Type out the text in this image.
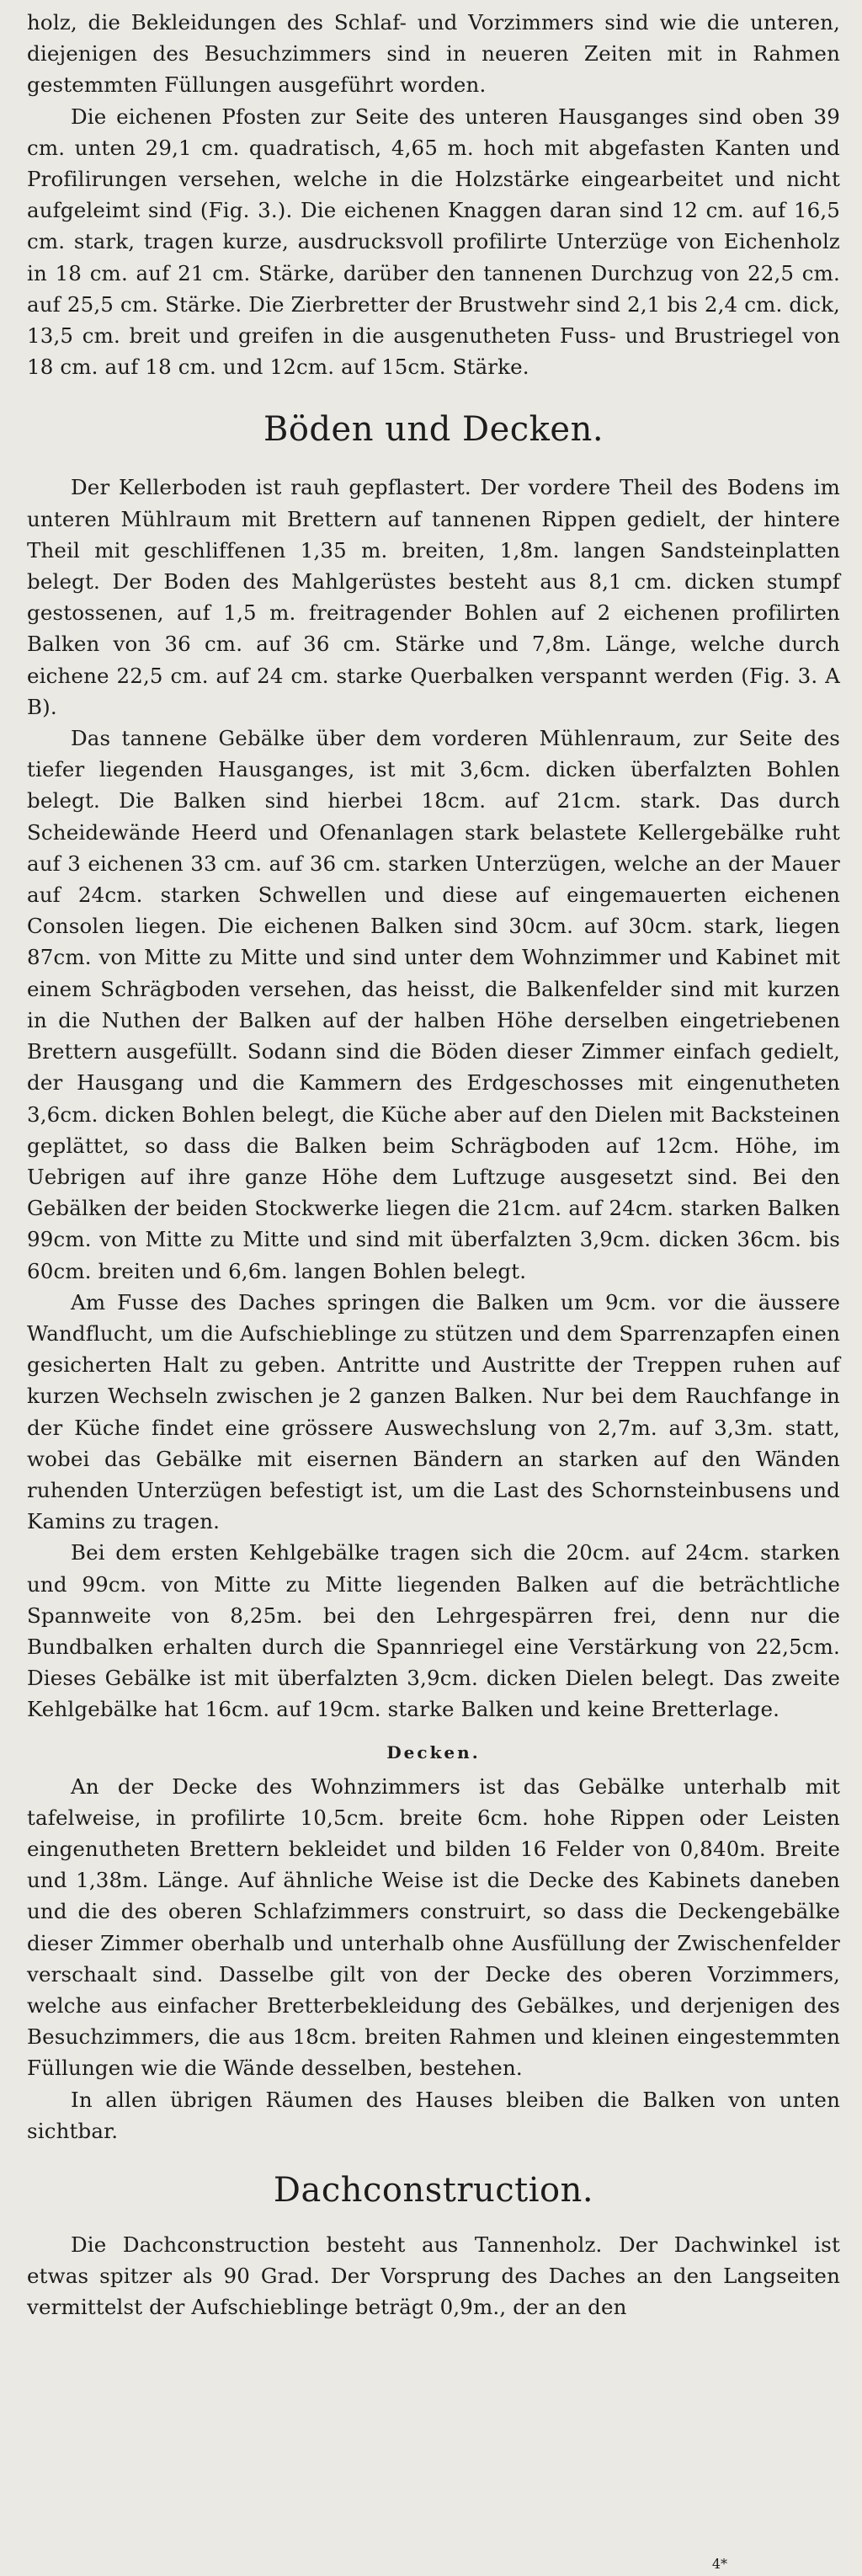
holz, die Bekleidungen des Schlaf- und Vorzimmers sind wie die unteren, diejenigen des Besuchzimmers sind in neueren Zeiten mit in Rahmen gestemmten Füllungen ausgeführt worden.

Die eichenen Pfosten zur Seite des unteren Hausganges sind oben 39 cm. unten 29,1 cm. quadratisch, 4,65 m. hoch mit abgefasten Kanten und Profilirungen versehen, welche in die Holzstärke eingearbeitet und nicht aufgeleimt sind (Fig. 3.). Die eichenen Knaggen daran sind 12 cm. auf 16,5 cm. stark, tragen kurze, ausdrucksvoll profilirte Unterzüge von Eichenholz in 18 cm. auf 21 cm. Stärke, darüber den tannenen Durchzug von 22,5 cm. auf 25,5 cm. Stärke. Die Zierbretter der Brustwehr sind 2,1 bis 2,4 cm. dick, 13,5 cm. breit und greifen in die ausgenutheten Fuss- und Brustriegel von 18 cm. auf 18 cm. und 12cm. auf 15cm. Stärke.

Böden und Decken.

Der Kellerboden ist rauh gepflastert. Der vordere Theil des Bodens im unteren Mühlraum mit Brettern auf tannenen Rippen gedielt, der hintere Theil mit geschliffenen 1,35 m. breiten, 1,8m. langen Sandsteinplatten belegt. Der Boden des Mahlgerüstes besteht aus 8,1 cm. dicken stumpf gestossenen, auf 1,5 m. freitragender Bohlen auf 2 eichenen profilirten Balken von 36 cm. auf 36 cm. Stärke und 7,8m. Länge, welche durch eichene 22,5 cm. auf 24 cm. starke Querbalken verspannt werden (Fig. 3. A B).

Das tannene Gebälke über dem vorderen Mühlenraum, zur Seite des tiefer liegenden Hausganges, ist mit 3,6cm. dicken überfalzten Bohlen belegt. Die Balken sind hierbei 18cm. auf 21cm. stark. Das durch Scheidewände Heerd und Ofenanlagen stark belastete Kellergebälke ruht auf 3 eichenen 33 cm. auf 36 cm. starken Unterzügen, welche an der Mauer auf 24cm. starken Schwellen und diese auf eingemauerten eichenen Consolen liegen. Die eichenen Balken sind 30cm. auf 30cm. stark, liegen 87cm. von Mitte zu Mitte und sind unter dem Wohnzimmer und Kabinet mit einem Schrägboden versehen, das heisst, die Balkenfelder sind mit kurzen in die Nuthen der Balken auf der halben Höhe derselben eingetriebenen Brettern ausgefüllt. Sodann sind die Böden dieser Zimmer einfach gedielt, der Hausgang und die Kammern des Erdgeschosses mit eingenutheten 3,6cm. dicken Bohlen belegt, die Küche aber auf den Dielen mit Backsteinen geplättet, so dass die Balken beim Schrägboden auf 12cm. Höhe, im Uebrigen auf ihre ganze Höhe dem Luftzuge ausgesetzt sind. Bei den Gebälken der beiden Stockwerke liegen die 21cm. auf 24cm. starken Balken 99cm. von Mitte zu Mitte und sind mit überfalzten 3,9cm. dicken 36cm. bis 60cm. breiten und 6,6m. langen Bohlen belegt.

Am Fusse des Daches springen die Balken um 9cm. vor die äussere Wandflucht, um die Aufschieblinge zu stützen und dem Sparrenzapfen einen gesicherten Halt zu geben. Antritte und Austritte der Treppen ruhen auf kurzen Wechseln zwischen je 2 ganzen Balken. Nur bei dem Rauchfange in der Küche findet eine grössere Auswechslung von 2,7m. auf 3,3m. statt, wobei das Gebälke mit eisernen Bändern an starken auf den Wänden ruhenden Unterzügen befestigt ist, um die Last des Schornsteinbusens und Kamins zu tragen.

Bei dem ersten Kehlgebälke tragen sich die 20cm. auf 24cm. starken und 99cm. von Mitte zu Mitte liegenden Balken auf die beträchtliche Spannweite von 8,25m. bei den Lehrgespärren frei, denn nur die Bundbalken erhalten durch die Spannriegel eine Verstärkung von 22,5cm. Dieses Gebälke ist mit überfalzten 3,9cm. dicken Dielen belegt. Das zweite Kehlgebälke hat 16cm. auf 19cm. starke Balken und keine Bretterlage.

Decken.

An der Decke des Wohnzimmers ist das Gebälke unterhalb mit tafelweise, in profilirte 10,5cm. breite 6cm. hohe Rippen oder Leisten eingenutheten Brettern bekleidet und bilden 16 Felder von 0,840m. Breite und 1,38m. Länge. Auf ähnliche Weise ist die Decke des Kabinets daneben und die des oberen Schlafzimmers construirt, so dass die Deckengebälke dieser Zimmer oberhalb und unterhalb ohne Ausfüllung der Zwischenfelder verschaalt sind. Dasselbe gilt von der Decke des oberen Vorzimmers, welche aus einfacher Bretterbekleidung des Gebälkes, und derjenigen des Besuchzimmers, die aus 18cm. breiten Rahmen und kleinen eingestemmten Füllungen wie die Wände desselben, bestehen.

In allen übrigen Räumen des Hauses bleiben die Balken von unten sichtbar.

Dachconstruction.

Die Dachconstruction besteht aus Tannenholz. Der Dachwinkel ist etwas spitzer als 90 Grad. Der Vorsprung des Daches an den Langseiten vermittelst der Aufschieblinge beträgt 0,9m., der an den

4*
